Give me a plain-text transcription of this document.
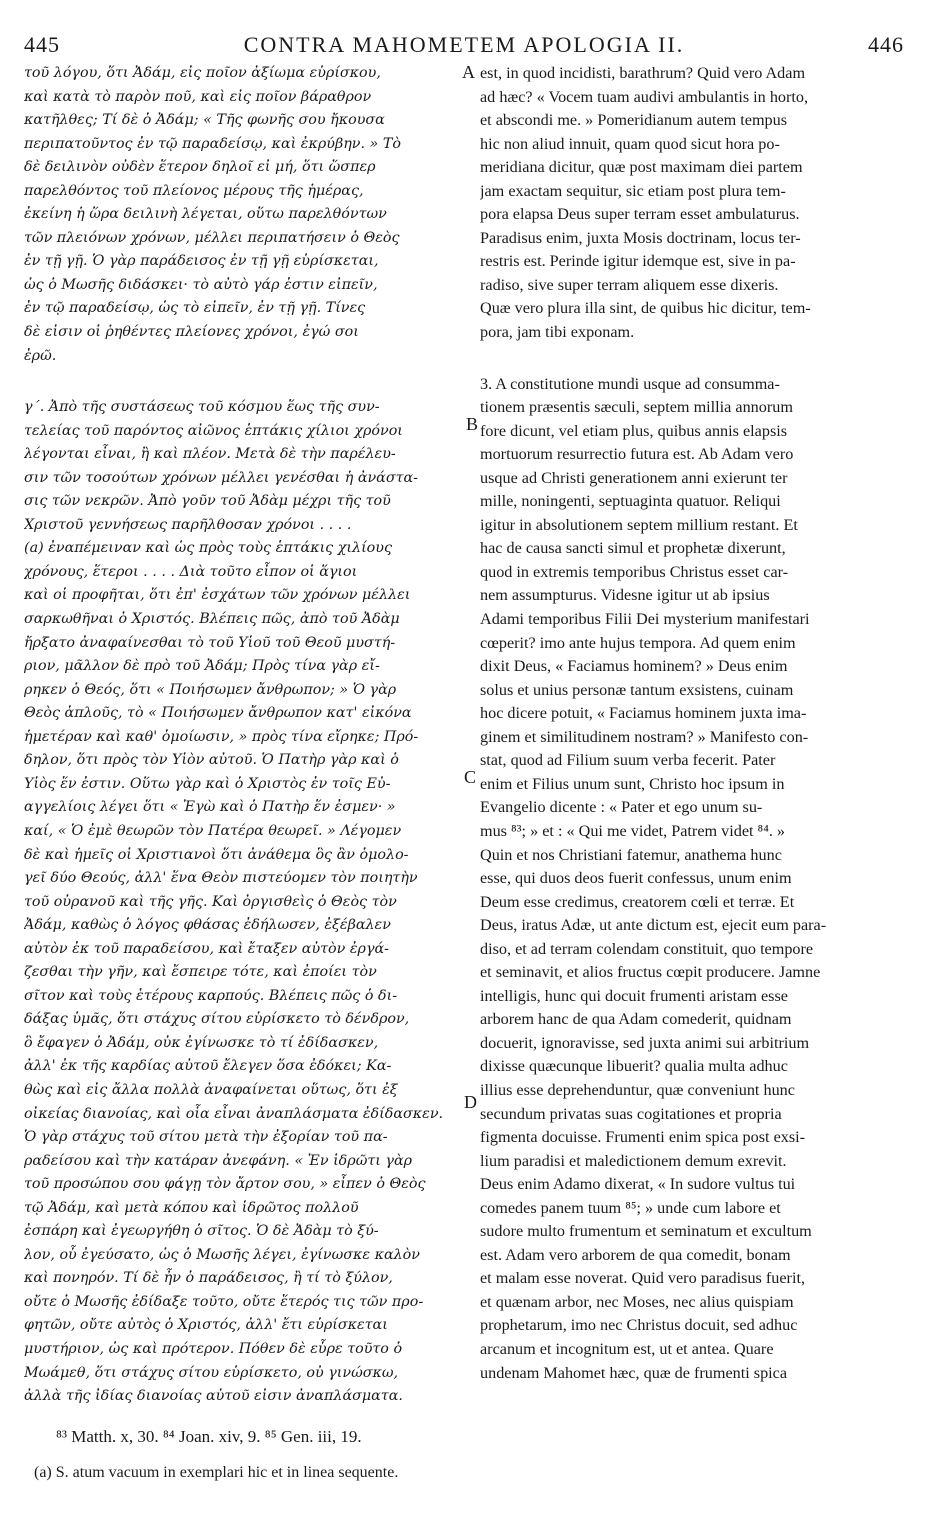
445	CONTRA MAHOMETEM APOLOGIA II.	446
τοῦ λόγου, ὅτι Ἀδάμ, εἰς ποῖον ἀξίωμα εὑρίσκου,
καὶ κατὰ τὸ παρὸν ποῦ, καὶ εἰς ποῖον βάραθρον
κατῆλθες; Τί δὲ ὁ Ἀδάμ; « Τῆς φωνῆς σου ἤκουσα
περιπατοῦντος ἐν τῷ παραδείσῳ, καὶ ἐκρύβην. » Τὸ
δὲ δειλινὸν οὐδὲν ἕτερον δηλοῖ εἰ μή, ὅτι ὥσπερ
παρελθόντος τοῦ πλείονος μέρους τῆς ἡμέρας,
ἐκείνη ἡ ὥρα δειλινὴ λέγεται, οὕτω παρελθόντων
τῶν πλειόνων χρόνων, μέλλει περιπατήσειν ὁ Θεὸς
ἐν τῇ γῇ. Ὁ γὰρ παράδεισος ἐν τῇ γῇ εὑρίσκεται,
ὡς ὁ Μωσῆς διδάσκει· τὸ αὐτὸ γάρ ἐστιν εἰπεῖν,
ἐν τῷ παραδείσῳ, ὡς τὸ εἰπεῖν, ἐν τῇ γῇ. Τίνες
δὲ εἰσιν οἱ ῥηθέντες πλείονες χρόνοι, ἐγώ σοι
ἐρῶ.
γ΄. Ἀπὸ τῆς συστάσεως τοῦ κόσμου ἕως τῆς συν-
τελείας τοῦ παρόντος αἰῶνος ἑπτάκις χίλιοι χρόνοι
λέγονται εἶναι, ἢ καὶ πλέον. Μετὰ δὲ τὴν παρέλευ-
σιν τῶν τοσούτων χρόνων μέλλει γενέσθαι ἡ ἀνάστα-
σις τῶν νεκρῶν. Ἀπὸ γοῦν τοῦ Ἀδὰμ μέχρι τῆς τοῦ
Χριστοῦ γεννήσεως παρῆλθοσαν χρόνοι . . . .
(a) ἐναπέμειναν καὶ ὡς πρὸς τοὺς ἑπτάκις χιλίους
χρόνους, ἕτεροι . . . . Διὰ τοῦτο εἶπον οἱ ἅγιοι
καὶ οἱ προφῆται, ὅτι ἐπ' ἐσχάτων τῶν χρόνων μέλλει
σαρκωθῆναι ὁ Χριστός. Βλέπεις πῶς, ἀπὸ τοῦ Ἀδὰμ
ἤρξατο ἀναφαίνεσθαι τὸ τοῦ Υἱοῦ τοῦ Θεοῦ μυστή-
ριον, μᾶλλον δὲ πρὸ τοῦ Ἀδάμ; Πρὸς τίνα γὰρ εἴ-
ρηκεν ὁ Θεός, ὅτι « Ποιήσωμεν ἄνθρωπον; » Ὁ γὰρ
Θεὸς ἁπλοῦς, τὸ « Ποιήσωμεν ἄνθρωπον κατ' εἰκόνα
ἡμετέραν καὶ καθ' ὁμοίωσιν, » πρὸς τίνα εἴρηκε; Πρό-
δηλον, ὅτι πρὸς τὸν Υἱὸν αὐτοῦ. Ὁ Πατὴρ γὰρ καὶ ὁ
Υἱὸς ἕν ἐστιν. Οὕτω γὰρ καὶ ὁ Χριστὸς ἐν τοῖς Εὐ-
αγγελίοις λέγει ὅτι « Ἐγὼ καὶ ὁ Πατὴρ ἕν ἐσμεν· »
καί, « Ὁ ἐμὲ θεωρῶν τὸν Πατέρα θεωρεῖ. » Λέγομεν
δὲ καὶ ἡμεῖς οἱ Χριστιανοὶ ὅτι ἀνάθεμα ὃς ἂν ὁμολο-
γεῖ δύο Θεούς, ἀλλ' ἕνα Θεὸν πιστεύομεν τὸν ποιητὴν
τοῦ οὐρανοῦ καὶ τῆς γῆς. Καὶ ὀργισθεὶς ὁ Θεὸς τὸν
Ἀδάμ, καθὼς ὁ λόγος φθάσας ἐδήλωσεν, ἐξέβαλεν
αὐτὸν ἐκ τοῦ παραδείσου, καὶ ἔταξεν αὐτὸν ἐργά-
ζεσθαι τὴν γῆν, καὶ ἔσπειρε τότε, καὶ ἐποίει τὸν
σῖτον καὶ τοὺς ἑτέρους καρπούς. Βλέπεις πῶς ὁ δι-
δάξας ὑμᾶς, ὅτι στάχυς σίτου εὑρίσκετο τὸ δένδρον,
ὃ ἔφαγεν ὁ Ἀδάμ, οὐκ ἐγίνωσκε τὸ τί ἐδίδασκεν,
ἀλλ' ἐκ τῆς καρδίας αὐτοῦ ἔλεγεν ὅσα ἐδόκει; Κα-
θὼς καὶ εἰς ἄλλα πολλὰ ἀναφαίνεται οὕτως, ὅτι ἐξ
οἰκείας διανοίας, καὶ οἷα εἶναι ἀναπλάσματα ἐδίδασκεν.
Ὁ γὰρ στάχυς τοῦ σίτου μετὰ τὴν ἐξορίαν τοῦ πα-
ραδείσου καὶ τὴν κατάραν ἀνεφάνη. « Ἐν ἱδρῶτι γὰρ
τοῦ προσώπου σου φάγῃ τὸν ἄρτον σου, » εἶπεν ὁ Θεὸς
τῷ Ἀδάμ, καὶ μετὰ κόπου καὶ ἱδρῶτος πολλοῦ
ἐσπάρη καὶ ἐγεωργήθη ὁ σῖτος. Ὁ δὲ Ἀδὰμ τὸ ξύ-
λον, οὗ ἐγεύσατο, ὡς ὁ Μωσῆς λέγει, ἐγίνωσκε καλὸν
καὶ πονηρόν. Τί δὲ ἦν ὁ παράδεισος, ἢ τί τὸ ξύλον,
οὔτε ὁ Μωσῆς ἐδίδαξε τοῦτο, οὔτε ἕτερός τις τῶν προ-
φητῶν, οὔτε αὐτὸς ὁ Χριστός, ἀλλ' ἔτι εὑρίσκεται
μυστήριον, ὡς καὶ πρότερον. Πόθεν δὲ εὗρε τοῦτο ὁ
Μωάμεθ, ὅτι στάχυς σίτου εὑρίσκετο, οὐ γινώσκω,
ἀλλὰ τῆς ἰδίας διανοίας αὐτοῦ εἰσιν ἀναπλάσματα.
est, in quod incidisti, barathrum? Quid vero Adam
ad hæc? « Vocem tuam audivi ambulantis in horto,
et abscondi me. » Pomeridianum autem tempus
hic non aliud innuit, quam quod sicut hora po-
meridiana dicitur, quæ post maximam diei partem
jam exactam sequitur, sic etiam post plura tem-
pora elapsa Deus super terram esset ambulaturus.
Paradisus enim, juxta Mosis doctrinam, locus ter-
restris est. Perinde igitur idemque est, sive in pa-
radiso, sive super terram aliquem esse dixeris.
Quæ vero plura illa sint, de quibus hic dicitur, tem-
pora, jam tibi exponam.
3. A constitutione mundi usque ad consumma-
tionem præsentis sæculi, septem millia annorum
fore dicunt, vel etiam plus, quibus annis elapsis
mortuorum resurrectio futura est. Ab Adam vero
usque ad Christi generationem anni exierunt ter
mille, noningenti, septuaginta quatuor. Reliqui
igitur in absolutionem septem millium restant. Et
hac de causa sancti simul et prophetæ dixerunt,
quod in extremis temporibus Christus esset car-
nem assumpturus. Videsne igitur ut ab ipsius
Adami temporibus Filii Dei mysterium manifestari
cœperit? imo ante hujus tempora. Ad quem enim
dixit Deus, « Faciamus hominem? » Deus enim
solus et unius personæ tantum exsistens, cuinam
hoc dicere potuit, « Faciamus hominem juxta ima-
ginem et similitudinem nostram? » Manifesto con-
stat, quod ad Filium suum verba fecerit. Pater
enim et Filius unum sunt, Christo hoc ipsum in
Evangelio dicente : « Pater et ego unum su-
mus ⁸³; » et : « Qui me videt, Patrem videt ⁸⁴. »
Quin et nos Christiani fatemur, anathema hunc
esse, qui duos deos fuerit confessus, unum enim
Deum esse credimus, creatorem cœli et terræ. Et
Deus, iratus Adæ, ut ante dictum est, ejecit eum para-
diso, et ad terram colendam constituit, quo tempore
et seminavit, et alios fructus cœpit producere. Jamne
intelligis, hunc qui docuit frumenti aristam esse
arborem hanc de qua Adam comederit, quidnam
docuerit, ignoravisse, sed juxta animi sui arbitrium
dixisse quæcunque libuerit? qualia multa adhuc
illius esse deprehenduntur, quæ conveniunt hunc
secundum privatas suas cogitationes et propria
figmenta docuisse. Frumenti enim spica post exsi-
lium paradisi et maledictionem demum exrevit.
Deus enim Adamo dixerat, « In sudore vultus tui
comedes panem tuum ⁸⁵; » unde cum labore et
sudore multo frumentum et seminatum et excultum
est. Adam vero arborem de qua comedit, bonam
et malam esse noverat. Quid vero paradisus fuerit,
et quænam arbor, nec Moses, nec alius quispiam
prophetarum, imo nec Christus docuit, sed adhuc
arcanum et incognitum est, ut et antea. Quare
undenam Mahomet hæc, quæ de frumenti spica
A
B
C
D
⁸³ Matth. x, 30. ⁸⁴ Joan. xiv, 9. ⁸⁵ Gen. iii, 19.
(a) S. atum vacuum in exemplari hic et in linea sequente.
